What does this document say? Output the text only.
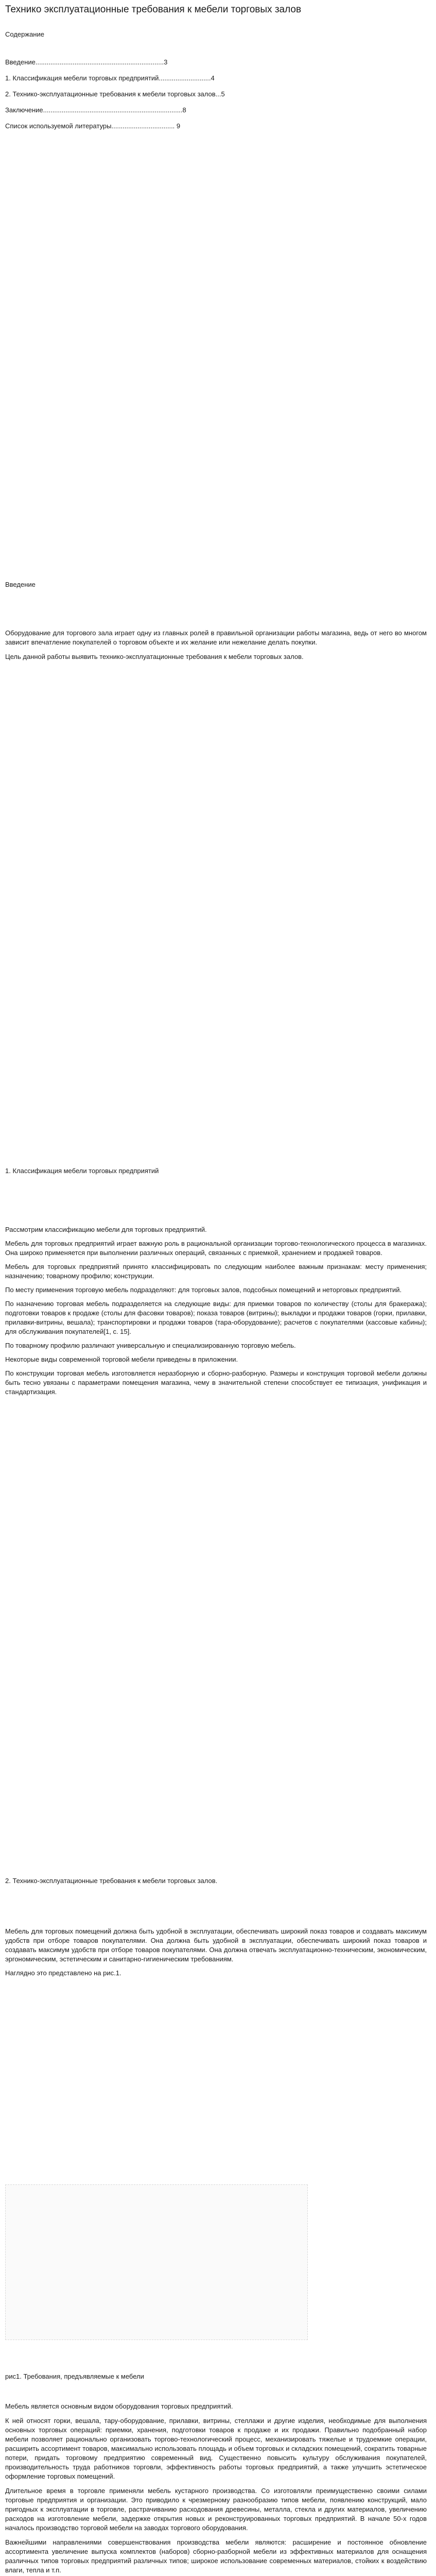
Технико эксплуатационные требования к мебели торговых залов

Содержание

Введение.....................................................................3

1. Классификация мебели торговых предприятий............................4

2. Технико-эксплуатационные требования к мебели торговых залов...5

Заключение...........................................................................8

Список используемой литературы.................................. 9

Введение

Оборудование для торгового зала играет одну из главных ролей в правильной организации работы магазина, ведь от него во многом зависит впечатление покупателей о торговом объекте и их желание или нежелание делать покупки.

Цель данной работы выявить технико-эксплуатационные требования к мебели торговых залов.

1. Классификация мебели торговых предприятий

Рассмотрим классификацию мебели для торговых предприятий.

Мебель для торговых предприятий играет важную роль в рациональной организации торгово-технологического процесса в магазинах. Она широко применяется при выполнении различных операций, связанных с приемкой, хранением и продажей товаров.

Мебель для торговых предприятий принято классифицировать по следующим наиболее важным признакам: месту применения; назначению; товарному профилю; конструкции.

По месту применения торговую мебель подразделяют: для торговых залов, подсобных помещений и неторговых предприятий.

По назначению торговая мебель подразделяется на следующие виды: для приемки товаров по количеству (столы для бракеража); подготовки товаров к продаже (столы для фасовки товаров); показа товаров (витрины); выкладки и продажи товаров (горки, прилавки, прилавки-витрины, вешала); транспортировки и продажи товаров (тара-оборудование); расчетов с покупателями (кассовые кабины); для обслуживания покупателей[1, с. 15].

По товарному профилю различают универсальную и специализированную торговую мебель.

Некоторые виды современной торговой мебели приведены в приложении.

По конструкции торговая мебель изготовляется неразборную и сборно-разборную. Размеры и конструкция торговой мебели должны быть тесно увязаны с параметрами помещения магазина, чему в значительной степени способствует ее типизация, унификация и стандартизация.

2. Технико-эксплуатационные требования к мебели торговых залов.

Мебель для торговых помещений должна быть удобной в эксплуатации, обеспечивать широкий показ товаров и создавать максимум удобств при отборе товаров покупателями. Она должна быть удобной в эксплуатации, обеспечивать широкий показ товаров и создавать максимум удобств при отборе товаров покупателями. Она должна отвечать эксплуатационно-техническим, экономическим, эргономическим, эстетическим и санитарно-гигиеническим требованиям.

Наглядно это представлено на рис.1.

рис1. Требования, предъявляемые к мебели

Мебель является основным видом оборудования торговых предприятий.

К ней относят горки, вешала, тару-оборудование, прилавки, витрины, стеллажи и другие изделия, необходимые для выполнения основных торговых операций: приемки, хранения, подготовки товаров к продаже и их продажи. Правильно подобранный набор мебели позволяет рационально организовать торгово-технологический процесс, механизировать тяжелые и трудоемкие операции, расширить ассортимент товаров, максимально использовать площадь и объем торговых и складских помещений, сократить товарные потери, придать торговому предприятию современный вид. Существенно повысить культуру обслуживания покупателей, производительность труда работников торговли, эффективность работы торговых предприятий, а также улучшить эстетическое оформление торговых помещений.

Длительное время в торговле применяли мебель кустарного производства. Со изготовляли преимущественно своими силами торговые предприятия и организации. Это приводило к чрезмерному разнообразию типов мебели, появлению конструкций, мало пригодных к эксплуатации в торговле, растрачиванию расходования древесины, металла, стекла и других материалов, увеличению расходов на изготовление мебели, задержке открытия новых и реконструированных торговых предприятий. В начале 50-х годов началось производство торговой мебели на заводах торгового оборудования.

Важнейшими направлениями совершенствования производства мебели являются: расширение и постоянное обновление ассортимента увеличение выпуска комплектов (наборов) сборно-разборной мебели из эффективных материалов для оснащения различных типов торговых предприятий различных типов; широкое использование современных материалов, стойких к воздействию влаги, тепла и т.п.
